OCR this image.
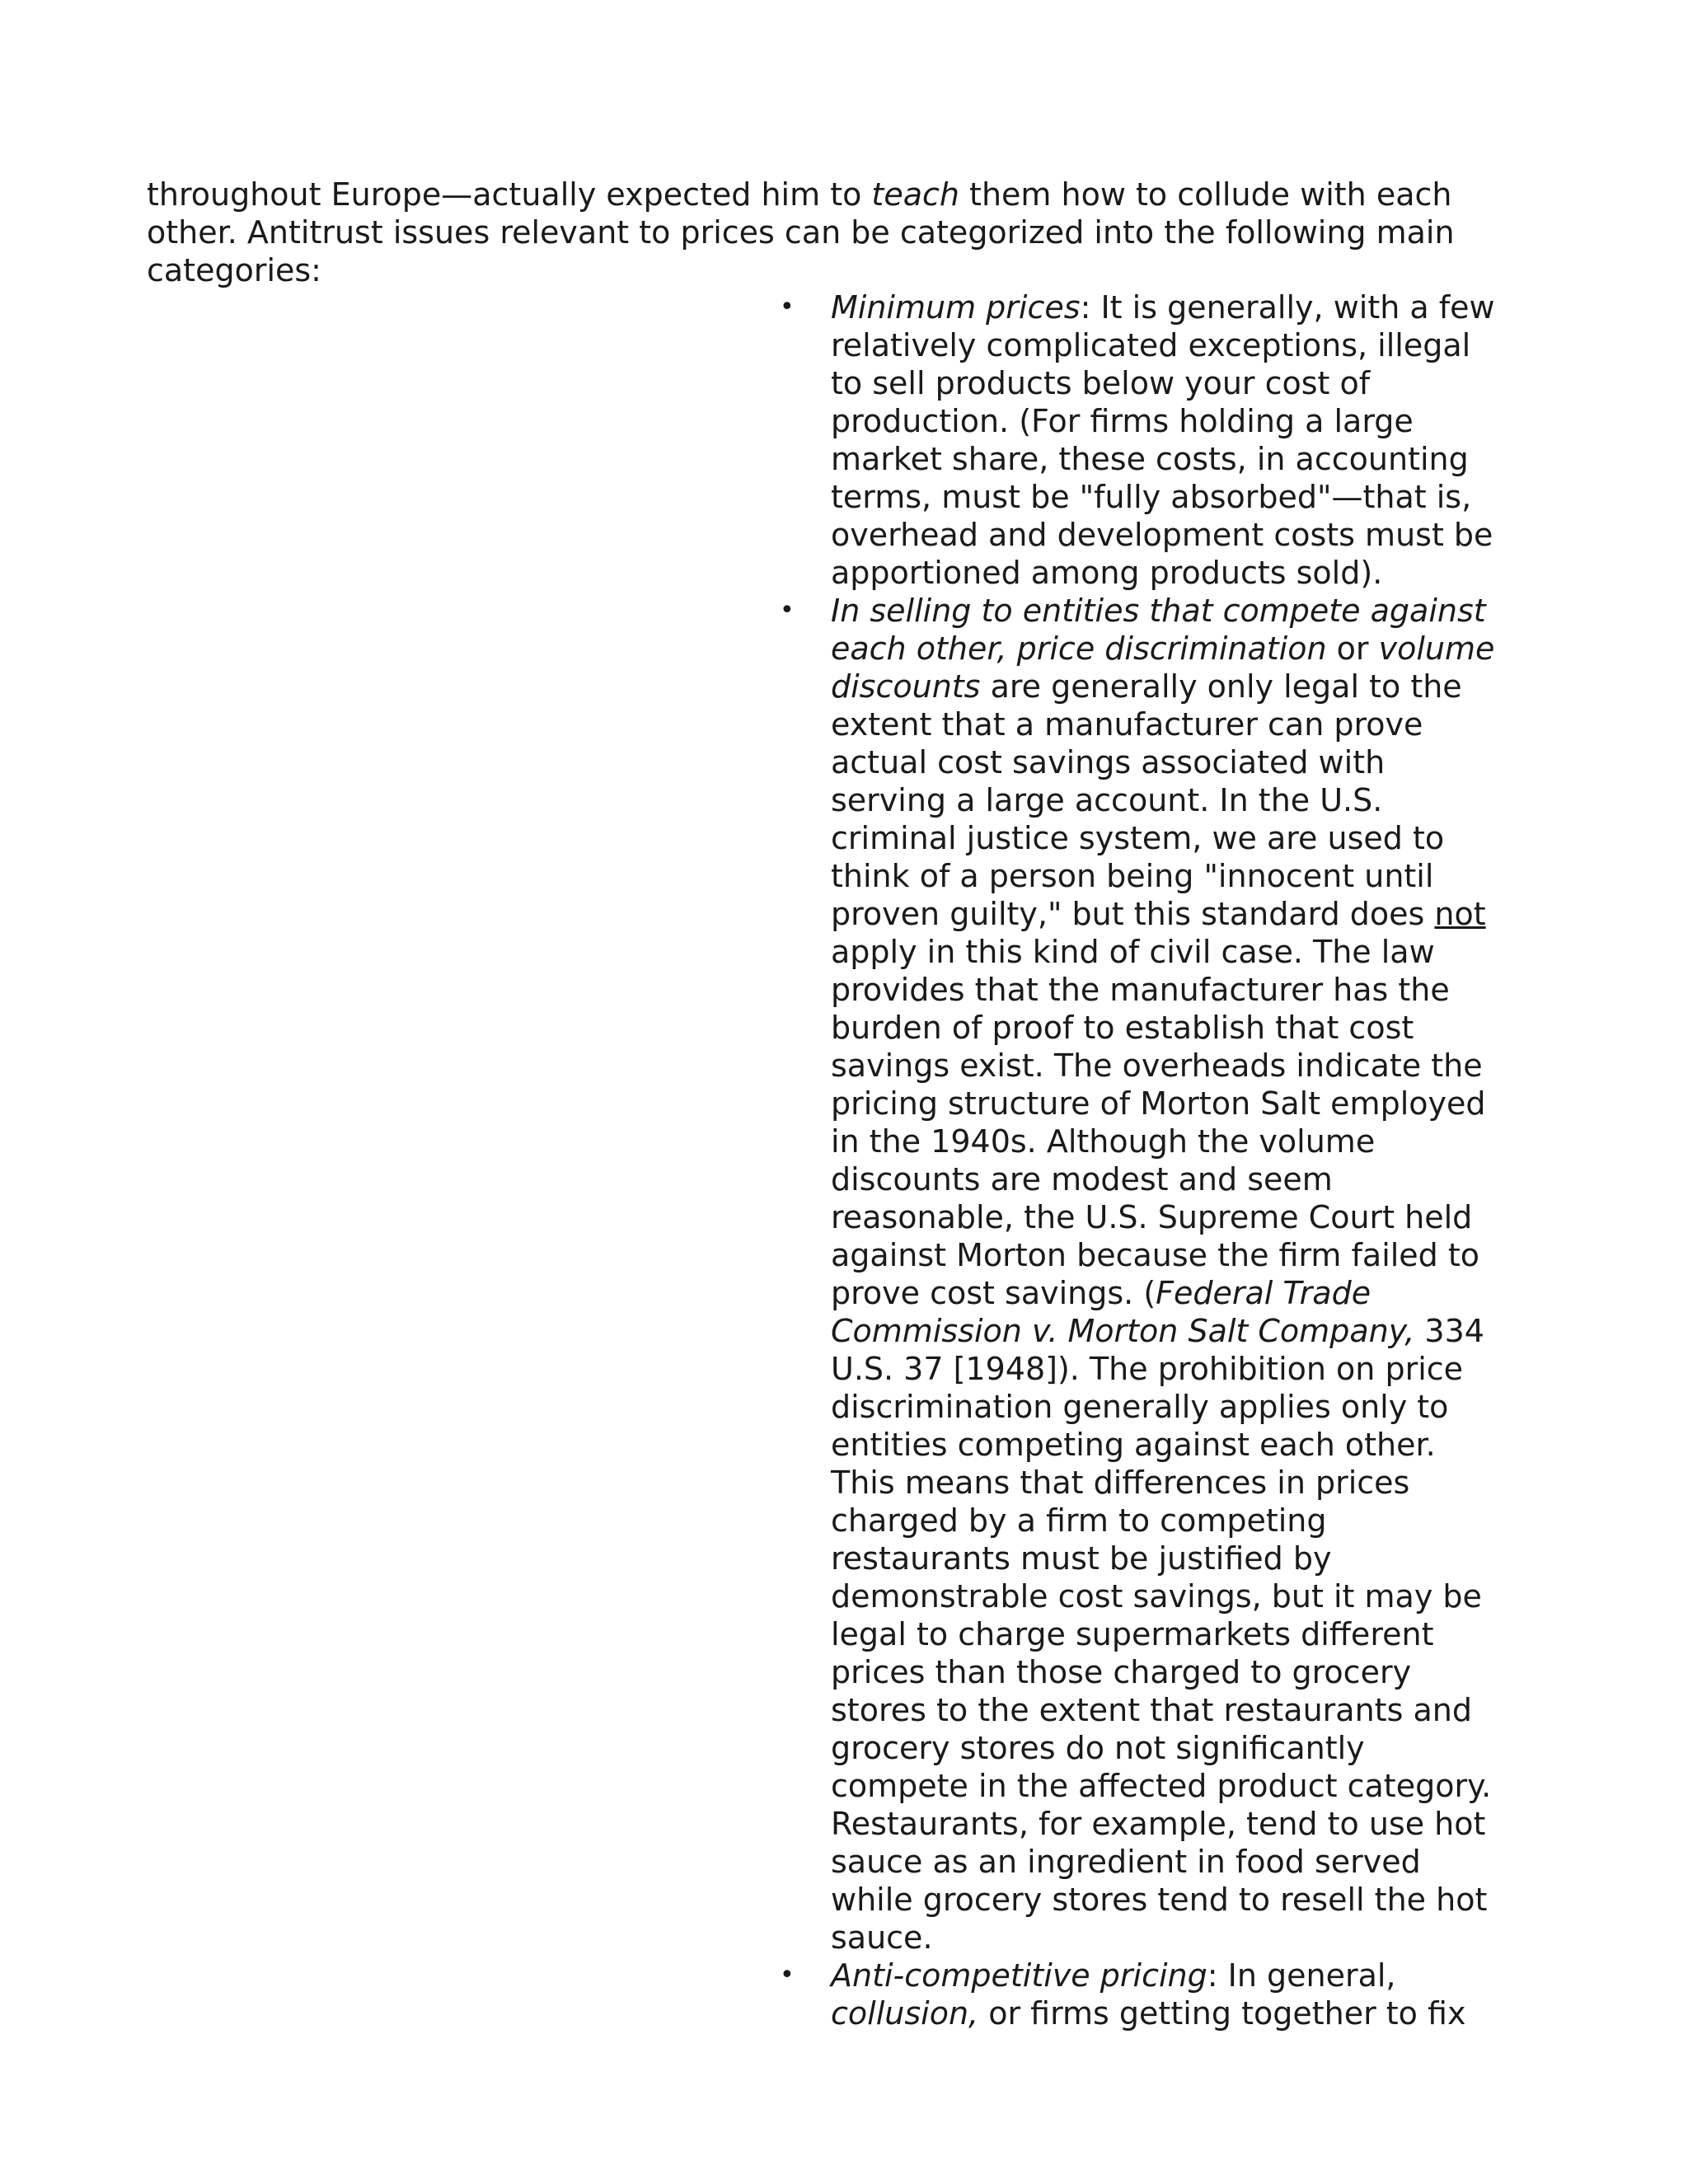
throughout Europe—actually expected him to teach them how to collude with each other. Antitrust issues relevant to prices can be categorized into the following main categories:

• Minimum prices: It is generally, with a few relatively complicated exceptions, illegal to sell products below your cost of production. (For firms holding a large market share, these costs, in accounting terms, must be "fully absorbed"—that is, overhead and development costs must be apportioned among products sold).
• In selling to entities that compete against each other, price discrimination or volume discounts are generally only legal to the extent that a manufacturer can prove actual cost savings associated with serving a large account. In the U.S. criminal justice system, we are used to think of a person being "innocent until proven guilty," but this standard does not apply in this kind of civil case. The law provides that the manufacturer has the burden of proof to establish that cost savings exist. The overheads indicate the pricing structure of Morton Salt employed in the 1940s. Although the volume discounts are modest and seem reasonable, the U.S. Supreme Court held against Morton because the firm failed to prove cost savings. (Federal Trade Commission v. Morton Salt Company, 334 U.S. 37 [1948]). The prohibition on price discrimination generally applies only to entities competing against each other. This means that differences in prices charged by a firm to competing restaurants must be justified by demonstrable cost savings, but it may be legal to charge supermarkets different prices than those charged to grocery stores to the extent that restaurants and grocery stores do not significantly compete in the affected product category. Restaurants, for example, tend to use hot sauce as an ingredient in food served while grocery stores tend to resell the hot sauce.
• Anti-competitive pricing: In general, collusion, or firms getting together to fix
